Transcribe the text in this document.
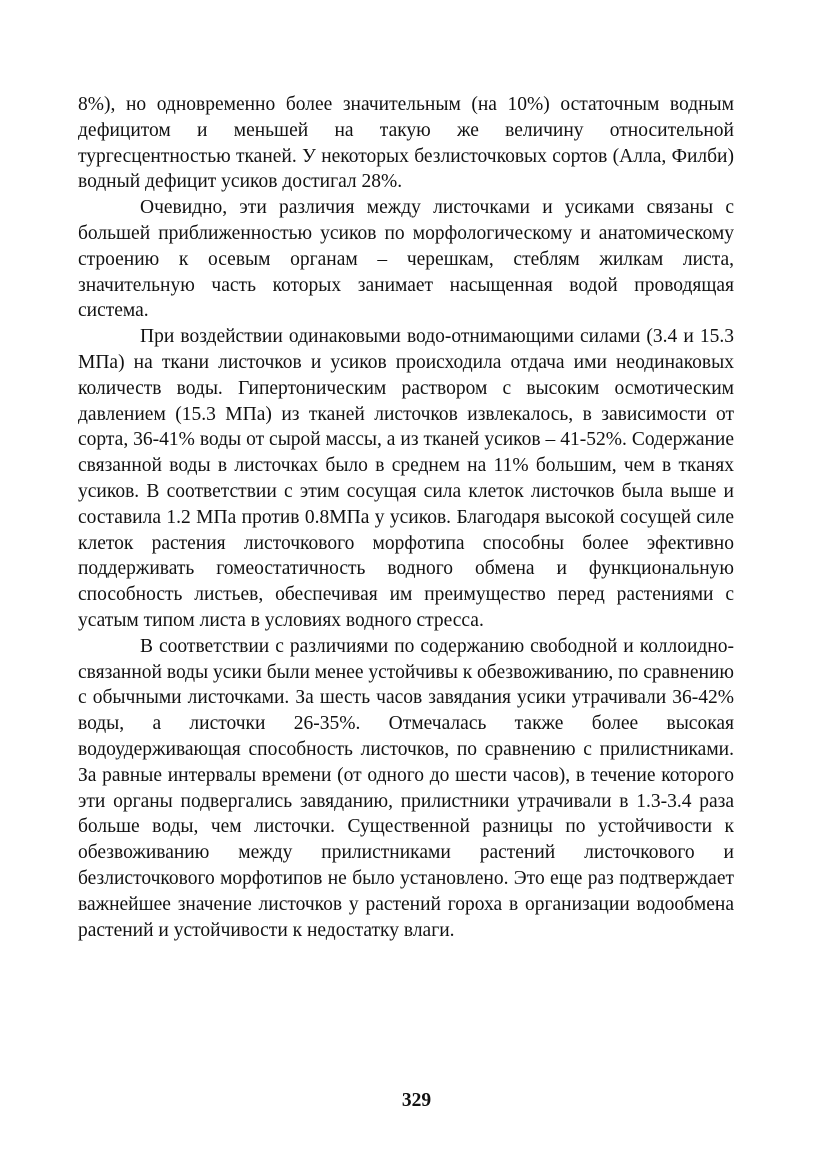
8%), но одновременно более значительным (на 10%) остаточным водным дефицитом и меньшей на такую же величину относительной тургесцентностью тканей. У некоторых безлисточковых сортов (Алла, Филби) водный дефицит усиков достигал 28%.

Очевидно, эти различия между листочками и усиками связаны с большей приближенностью усиков по морфологическому и анатомическому строению к осевым органам – черешкам, стеблям жилкам листа, значительную часть которых занимает насыщенная водой проводящая система.

При воздействии одинаковыми водо-отнимающими силами (3.4 и 15.3 МПа) на ткани листочков и усиков происходила отдача ими неодинаковых количеств воды. Гипертоническим раствором с высоким осмотическим давлением (15.3 МПа) из тканей листочков извлекалось, в зависимости от сорта, 36-41% воды от сырой массы, а из тканей усиков – 41-52%. Содержание связанной воды в листочках было в среднем на 11% большим, чем в тканях усиков. В соответствии с этим сосущая сила клеток листочков была выше и составила 1.2 МПа против 0.8МПа у усиков. Благодаря высокой сосущей силе клеток растения листочкового морфотипа способны более эфективно поддерживать гомеостатичность водного обмена и функциональную способность листьев, обеспечивая им преимущество перед растениями с усатым типом листа в условиях водного стресса.

В соответствии с различиями по содержанию свободной и коллоидно-связанной воды усики были менее устойчивы к обезвоживанию, по сравнению с обычными листочками. За шесть часов завядания усики утрачивали 36-42% воды, а листочки 26-35%. Отмечалась также более высокая водоудерживающая способность листочков, по сравнению с прилистниками. За равные интервалы времени (от одного до шести часов), в течение которого эти органы подвергались завяданию, прилистники утрачивали в 1.3-3.4 раза больше воды, чем листочки. Существенной разницы по устойчивости к обезвоживанию между прилистниками растений листочкового и безлисточкового морфотипов не было установлено. Это еще раз подтверждает важнейшее значение листочков у растений гороха в организации водообмена растений и устойчивости к недостатку влаги.

329
